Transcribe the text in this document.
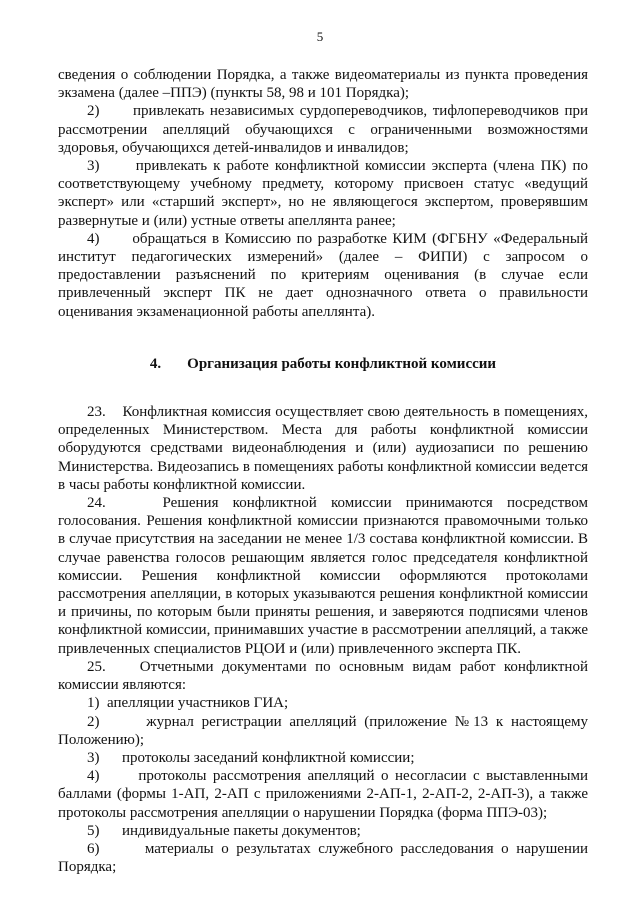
5

сведения о соблюдении Порядка, а также видеоматериалы из пункта проведения экзамена (далее –ППЭ) (пункты 58, 98 и 101 Порядка);

2)      привлекать независимых сурдопереводчиков, тифлопереводчиков при рассмотрении апелляций обучающихся с ограниченными возможностями здоровья, обучающихся детей-инвалидов и инвалидов;

3)      привлекать к работе конфликтной комиссии эксперта (члена ПК) по соответствующему учебному предмету, которому присвоен статус «ведущий эксперт» или «старший эксперт», но не являющегося экспертом, проверявшим развернутые и (или) устные ответы апеллянта ранее;

4)      обращаться в Комиссию по разработке КИМ (ФГБНУ «Федеральный институт педагогических измерений» (далее – ФИПИ) с запросом о предоставлении разъяснений по критериям оценивания (в случае если привлеченный эксперт ПК не дает однозначного ответа о правильности оценивания экзаменационной работы апеллянта).

4. Организация работы конфликтной комиссии

23.    Конфликтная комиссия осуществляет свою деятельность в помещениях, определенных Министерством. Места для работы конфликтной комиссии оборудуются средствами видеонаблюдения и (или) аудиозаписи по решению Министерства. Видеозапись в помещениях работы конфликтной комиссии ведется в часы работы конфликтной комиссии.

24.    Решения конфликтной комиссии принимаются посредством голосования. Решения конфликтной комиссии признаются правомочными только в случае присутствия на заседании не менее 1/3 состава конфликтной комиссии. В случае равенства голосов решающим является голос председателя конфликтной комиссии. Решения конфликтной комиссии оформляются протоколами рассмотрения апелляции, в которых указываются решения конфликтной комиссии и причины, по которым были приняты решения, и заверяются подписями членов конфликтной комиссии, принимавших участие в рассмотрении апелляций, а также привлеченных специалистов РЦОИ и (или) привлеченного эксперта ПК.

25.    Отчетными документами по основным видам работ конфликтной комиссии являются:

1)  апелляции участников ГИА;

2)      журнал регистрации апелляций (приложение №13 к настоящему Положению);

3)      протоколы заседаний конфликтной комиссии;

4)      протоколы рассмотрения апелляций о несогласии с выставленными баллами (формы 1-АП, 2-АП с приложениями 2-АП-1, 2-АП-2, 2-АП-3), а также протоколы рассмотрения апелляции о нарушении Порядка (форма ППЭ-03);

5)      индивидуальные пакеты документов;

6)      материалы о результатах служебного расследования о нарушении Порядка;
